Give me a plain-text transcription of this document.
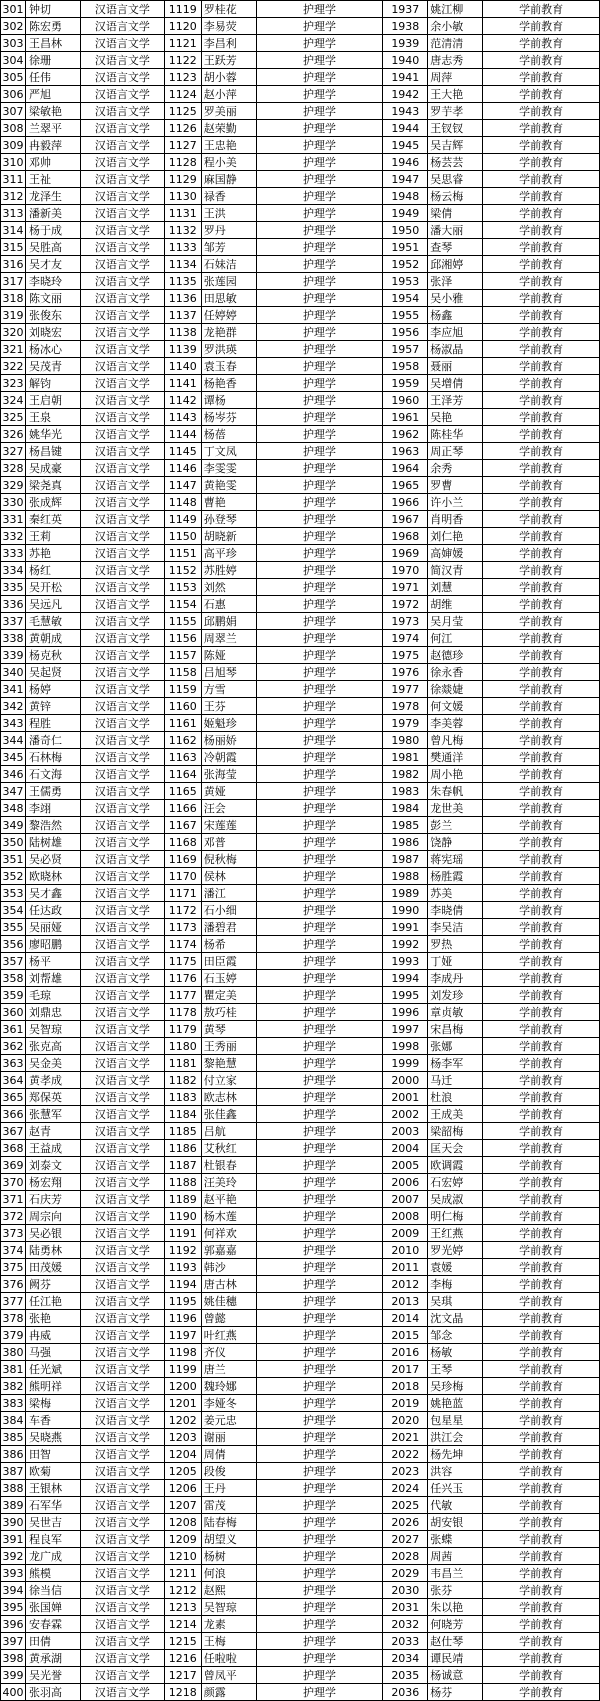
301	钟切	汉语言文学	1119	罗桂花	护理学	1937	姚江柳	学前教育
302	陈宏勇	汉语言文学	1120	李易荧	护理学	1938	余小敏	学前教育
303	王昌林	汉语言文学	1121	李昌利	护理学	1939	范清清	学前教育
304	徐珊	汉语言文学	1122	王跃芳	护理学	1940	唐志秀	学前教育
305	任伟	汉语言文学	1123	胡小蓉	护理学	1941	周萍	学前教育
306	严旭	汉语言文学	1124	赵小萍	护理学	1942	王大艳	学前教育
307	梁敏艳	汉语言文学	1125	罗美丽	护理学	1943	罗芋孝	学前教育
308	兰翠平	汉语言文学	1126	赵荣勤	护理学	1944	王钗钗	学前教育
309	冉毅萍	汉语言文学	1127	王忠艳	护理学	1945	吴吉辉	学前教育
310	邓帅	汉语言文学	1128	程小美	护理学	1946	杨芸芸	学前教育
311	王祉	汉语言文学	1129	麻国静	护理学	1947	吴思睿	学前教育
312	龙泽生	汉语言文学	1130	禄香	护理学	1948	杨云梅	学前教育
313	潘新美	汉语言文学	1131	王洪	护理学	1949	梁倩	学前教育
314	杨于成	汉语言文学	1132	罗丹	护理学	1950	潘大丽	学前教育
315	吴胜高	汉语言文学	1133	邹芳	护理学	1951	查琴	学前教育
316	吴才友	汉语言文学	1134	石妹洁	护理学	1952	邱湘婷	学前教育
317	李晓玲	汉语言文学	1135	张莲园	护理学	1953	张泽	学前教育
318	陈文丽	汉语言文学	1136	田思敏	护理学	1954	吴小雅	学前教育
319	张俊东	汉语言文学	1137	任婷婷	护理学	1955	杨鑫	学前教育
320	刘晓宏	汉语言文学	1138	龙艳群	护理学	1956	李应旭	学前教育
321	杨冰心	汉语言文学	1139	罗洪瑛	护理学	1957	杨淑晶	学前教育
322	吴茂青	汉语言文学	1140	袁玉春	护理学	1958	聂丽	学前教育
323	解钧	汉语言文学	1141	杨艳香	护理学	1959	吴增倩	学前教育
324	王启朝	汉语言文学	1142	谭杨	护理学	1960	王泽芳	学前教育
325	王泉	汉语言文学	1143	杨岑芬	护理学	1961	吴艳	学前教育
326	姚华光	汉语言文学	1144	杨蓓	护理学	1962	陈桂华	学前教育
327	杨昌键	汉语言文学	1145	丁文凤	护理学	1963	周正琴	学前教育
328	吴成豪	汉语言文学	1146	李雯雯	护理学	1964	余秀	学前教育
329	梁尧真	汉语言文学	1147	黄艳雯	护理学	1965	罗曹	学前教育
330	张成辉	汉语言文学	1148	曹艳	护理学	1966	许小兰	学前教育
331	秦红英	汉语言文学	1149	孙登琴	护理学	1967	肖明香	学前教育
332	王莉	汉语言文学	1150	胡晓新	护理学	1968	刘仁艳	学前教育
333	苏艳	汉语言文学	1151	高平珍	护理学	1969	高婶媛	学前教育
334	杨红	汉语言文学	1152	苏胜婷	护理学	1970	简汉青	学前教育
335	吴开松	汉语言文学	1153	刘然	护理学	1971	刘慧	学前教育
336	吴远凡	汉语言文学	1154	石惠	护理学	1972	胡维	学前教育
337	毛慧敏	汉语言文学	1155	邱鹏娟	护理学	1973	吴月莹	学前教育
338	黄朝成	汉语言文学	1156	周翠兰	护理学	1974	何江	学前教育
339	杨克秋	汉语言文学	1157	陈娅	护理学	1975	赵德珍	学前教育
340	吴起贤	汉语言文学	1158	吕旭琴	护理学	1976	徐永香	学前教育
341	杨婷	汉语言文学	1159	方雪	护理学	1977	徐燚婕	学前教育
342	黄锌	汉语言文学	1160	王芬	护理学	1978	何文媛	学前教育
343	程胜	汉语言文学	1161	姬魁珍	护理学	1979	李美蓉	学前教育
344	潘奇仁	汉语言文学	1162	杨丽娇	护理学	1980	曾凡梅	学前教育
345	石林梅	汉语言文学	1163	冷朝霞	护理学	1981	樊通洋	学前教育
346	石文海	汉语言文学	1164	张海莹	护理学	1982	周小艳	学前教育
347	王儒勇	汉语言文学	1165	黄娅	护理学	1983	朱春帆	学前教育
348	李翊	汉语言文学	1166	汪会	护理学	1984	龙世美	学前教育
349	黎浩然	汉语言文学	1167	宋莲莲	护理学	1985	彭兰	学前教育
350	陆树雄	汉语言文学	1168	邓普	护理学	1986	饶静	学前教育
351	吴必贤	汉语言文学	1169	倪秋梅	护理学	1987	蒋宪瑶	学前教育
352	欧晓林	汉语言文学	1170	侯林	护理学	1988	杨胜霞	学前教育
353	吴才鑫	汉语言文学	1171	潘江	护理学	1989	苏美	学前教育
354	任达政	汉语言文学	1172	石小细	护理学	1990	李晓倩	学前教育
355	吴丽娅	汉语言文学	1173	潘碧君	护理学	1991	李吴洁	学前教育
356	廖昭鹏	汉语言文学	1174	杨希	护理学	1992	罗热	学前教育
357	杨平	汉语言文学	1175	田臣霞	护理学	1993	丁娅	学前教育
358	刘帮雄	汉语言文学	1176	石玉婷	护理学	1994	李成丹	学前教育
359	毛琼	汉语言文学	1177	瞿定美	护理学	1995	刘发珍	学前教育
360	刘鼎忠	汉语言文学	1178	敖巧桂	护理学	1996	章贞敏	学前教育
361	吴智琼	汉语言文学	1179	黄琴	护理学	1997	宋昌梅	学前教育
362	张克高	汉语言文学	1180	王秀丽	护理学	1998	张娜	学前教育
363	吴金美	汉语言文学	1181	黎艳慧	护理学	1999	杨李军	学前教育
364	黄孝成	汉语言文学	1182	付立家	护理学	2000	马迁	学前教育
365	郑保英	汉语言文学	1183	欧志林	护理学	2001	杜浪	学前教育
366	张慧军	汉语言文学	1184	张佳鑫	护理学	2002	王成美	学前教育
367	赵青	汉语言文学	1185	吕航	护理学	2003	梁韶梅	学前教育
368	王益成	汉语言文学	1186	艾秋红	护理学	2004	匡天会	学前教育
369	刘泰文	汉语言文学	1187	杜银春	护理学	2005	欧调霞	学前教育
370	杨宏翔	汉语言文学	1188	汪美玲	护理学	2006	石宏婷	学前教育
371	石庆芳	汉语言文学	1189	赵平艳	护理学	2007	吴成淑	学前教育
372	周宗向	汉语言文学	1190	杨木莲	护理学	2008	明仁梅	学前教育
373	吴必银	汉语言文学	1191	何祥欢	护理学	2009	王红燕	学前教育
374	陆勇林	汉语言文学	1192	郭嘉嘉	护理学	2010	罗光婷	学前教育
375	田茂媛	汉语言文学	1193	韩沙	护理学	2011	袁媛	学前教育
376	阙芬	汉语言文学	1194	唐古林	护理学	2012	李梅	学前教育
377	任江艳	汉语言文学	1195	姚佳穗	护理学	2013	吴琪	学前教育
378	张艳	汉语言文学	1196	曾懿	护理学	2014	沈文晶	学前教育
379	冉威	汉语言文学	1197	叶红燕	护理学	2015	邹念	学前教育
380	马强	汉语言文学	1198	齐仪	护理学	2016	杨敏	学前教育
381	任光斌	汉语言文学	1199	唐兰	护理学	2017	王琴	学前教育
382	熊明祥	汉语言文学	1200	魏玲娜	护理学	2018	吴珍梅	学前教育
383	梁梅	汉语言文学	1201	李娅冬	护理学	2019	姚艳蓝	学前教育
384	车香	汉语言文学	1202	姜元忠	护理学	2020	包星星	学前教育
385	吴晓燕	汉语言文学	1203	谢丽	护理学	2021	洪江会	学前教育
386	田智	汉语言文学	1204	周倩	护理学	2022	杨先坤	学前教育
387	欧菊	汉语言文学	1205	段俊	护理学	2023	洪容	学前教育
388	王银林	汉语言文学	1206	王丹	护理学	2024	任兴玉	学前教育
389	石军华	汉语言文学	1207	雷茂	护理学	2025	代敏	学前教育
390	吴世吉	汉语言文学	1208	陆春梅	护理学	2026	胡安银	学前教育
391	程良军	汉语言文学	1209	胡望义	护理学	2027	张蝶	学前教育
392	龙广成	汉语言文学	1210	杨树	护理学	2028	周茜	学前教育
393	熊模	汉语言文学	1211	何浪	护理学	2029	韦昌兰	学前教育
394	徐当信	汉语言文学	1212	赵熙	护理学	2030	张芬	学前教育
395	张国婵	汉语言文学	1213	吴智琼	护理学	2031	朱以艳	学前教育
396	安春霖	汉语言文学	1214	龙素	护理学	2032	何晓芳	学前教育
397	田倩	汉语言文学	1215	王梅	护理学	2033	赵仕琴	学前教育
398	黄承湖	汉语言文学	1216	任啦啦	护理学	2034	谭民靖	学前教育
399	吴光誉	汉语言文学	1217	曾凤平	护理学	2035	杨诚意	学前教育
400	张羽高	汉语言文学	1218	颜露	护理学	2036	杨芬	学前教育
